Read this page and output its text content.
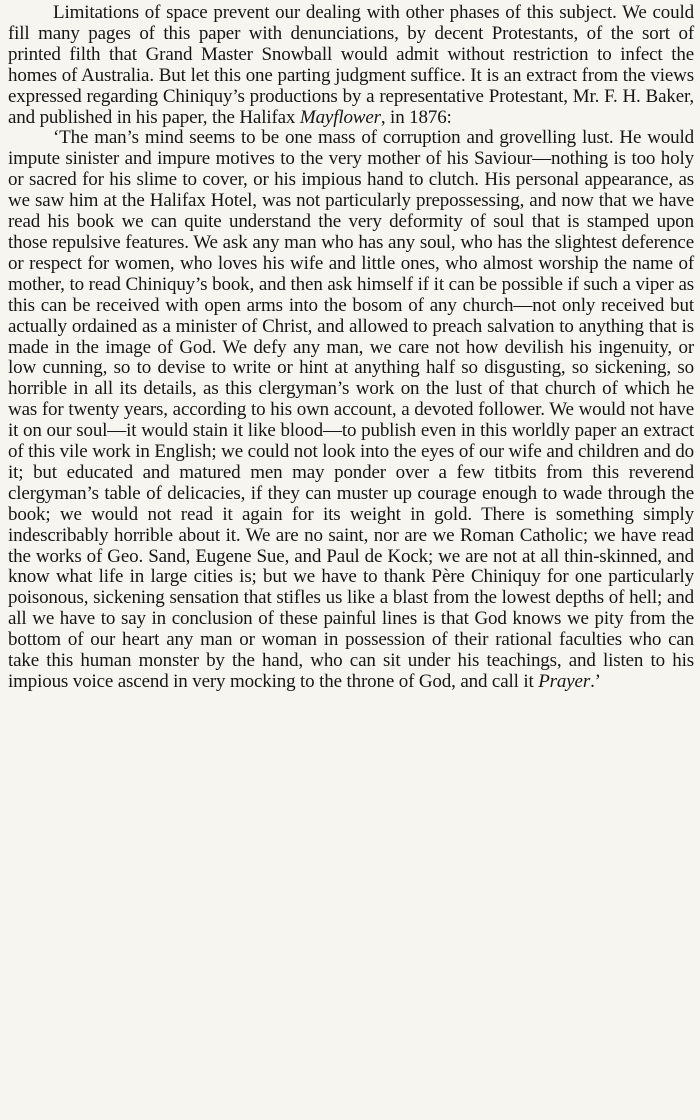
Limitations of space prevent our dealing with other phases of this subject. We could fill many pages of this paper with denunciations, by decent Protestants, of the sort of printed filth that Grand Master Snowball would admit without restriction to infect the homes of Australia. But let this one parting judgment suffice. It is an extract from the views expressed regarding Chiniquy’s productions by a representative Protestant, Mr. F. H. Baker, and published in his paper, the Halifax Mayflower, in 1876:

‘The man’s mind seems to be one mass of corruption and grovelling lust. He would impute sinister and impure motives to the very mother of his Saviour—nothing is too holy or sacred for his slime to cover, or his impious hand to clutch. His personal appearance, as we saw him at the Halifax Hotel, was not particularly prepossessing, and now that we have read his book we can quite understand the very deformity of soul that is stamped upon those repulsive features. We ask any man who has any soul, who has the slightest deference or respect for women, who loves his wife and little ones, who almost worship the name of mother, to read Chiniquy’s book, and then ask himself if it can be possible if such a viper as this can be received with open arms into the bosom of any church—not only received but actually ordained as a minister of Christ, and allowed to preach salvation to anything that is made in the image of God. We defy any man, we care not how devilish his ingenuity, or low cunning, so to devise to write or hint at anything half so disgusting, so sickening, so horrible in all its details, as this clergyman’s work on the lust of that church of which he was for twenty years, according to his own account, a devoted follower. We would not have it on our soul—it would stain it like blood—to publish even in this worldly paper an extract of this vile work in English; we could not look into the eyes of our wife and children and do it; but educated and matured men may ponder over a few titbits from this reverend clergyman’s table of delicacies, if they can muster up courage enough to wade through the book; we would not read it again for its weight in gold. There is something simply indescribably horrible about it. We are no saint, nor are we Roman Catholic; we have read the works of Geo. Sand, Eugene Sue, and Paul de Kock; we are not at all thin-skinned, and know what life in large cities is; but we have to thank Père Chiniquy for one particularly poisonous, sickening sensation that stifles us like a blast from the lowest depths of hell; and all we have to say in conclusion of these painful lines is that God knows we pity from the bottom of our heart any man or woman in possession of their rational faculties who can take this human monster by the hand, who can sit under his teachings, and listen to his impious voice ascend in very mocking to the throne of God, and call it Prayer.’
